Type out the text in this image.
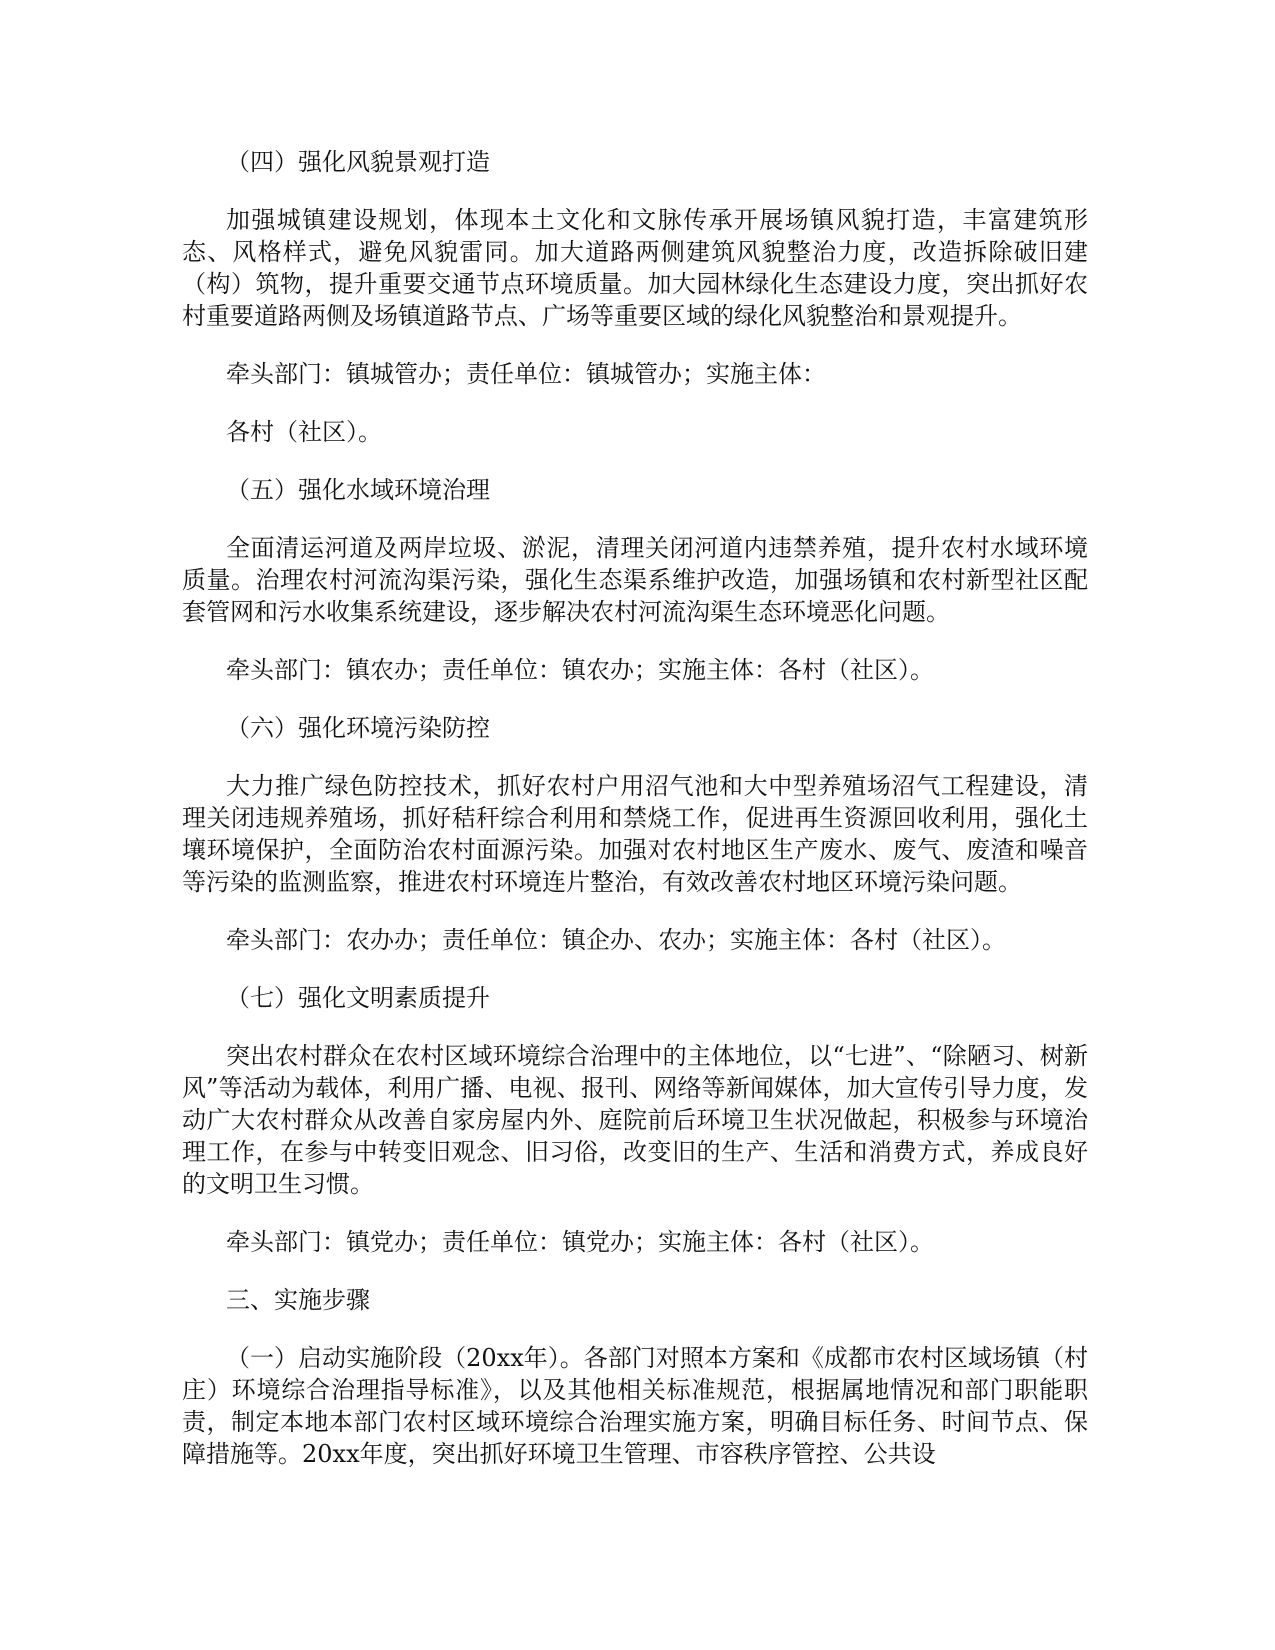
（四）强化风貌景观打造

加强城镇建设规划，体现本土文化和文脉传承开展场镇风貌打造，丰富建筑形态、风格样式，避免风貌雷同。加大道路两侧建筑风貌整治力度，改造拆除破旧建（构）筑物，提升重要交通节点环境质量。加大园林绿化生态建设力度，突出抓好农村重要道路两侧及场镇道路节点、广场等重要区域的绿化风貌整治和景观提升。

牵头部门：镇城管办；责任单位：镇城管办；实施主体：

各村（社区）。

（五）强化水域环境治理

全面清运河道及两岸垃圾、淤泥，清理关闭河道内违禁养殖，提升农村水域环境质量。治理农村河流沟渠污染，强化生态渠系维护改造，加强场镇和农村新型社区配套管网和污水收集系统建设，逐步解决农村河流沟渠生态环境恶化问题。

牵头部门：镇农办；责任单位：镇农办；实施主体：各村（社区）。

（六）强化环境污染防控

大力推广绿色防控技术，抓好农村户用沼气池和大中型养殖场沼气工程建设，清理关闭违规养殖场，抓好秸秆综合利用和禁烧工作，促进再生资源回收利用，强化土壤环境保护，全面防治农村面源污染。加强对农村地区生产废水、废气、废渣和噪音等污染的监测监察，推进农村环境连片整治，有效改善农村地区环境污染问题。

牵头部门：农办办；责任单位：镇企办、农办；实施主体：各村（社区）。

（七）强化文明素质提升

突出农村群众在农村区域环境综合治理中的主体地位，以“七进”、“除陋习、树新风”等活动为载体，利用广播、电视、报刊、网络等新闻媒体，加大宣传引导力度，发动广大农村群众从改善自家房屋内外、庭院前后环境卫生状况做起，积极参与环境治理工作，在参与中转变旧观念、旧习俗，改变旧的生产、生活和消费方式，养成良好的文明卫生习惯。

牵头部门：镇党办；责任单位：镇党办；实施主体：各村（社区）。

三、实施步骤

（一）启动实施阶段（20xx年）。各部门对照本方案和《成都市农村区域场镇（村庄）环境综合治理指导标准》，以及其他相关标准规范，根据属地情况和部门职能职责，制定本地本部门农村区域环境综合治理实施方案，明确目标任务、时间节点、保障措施等。20xx年度，突出抓好环境卫生管理、市容秩序管控、公共设
